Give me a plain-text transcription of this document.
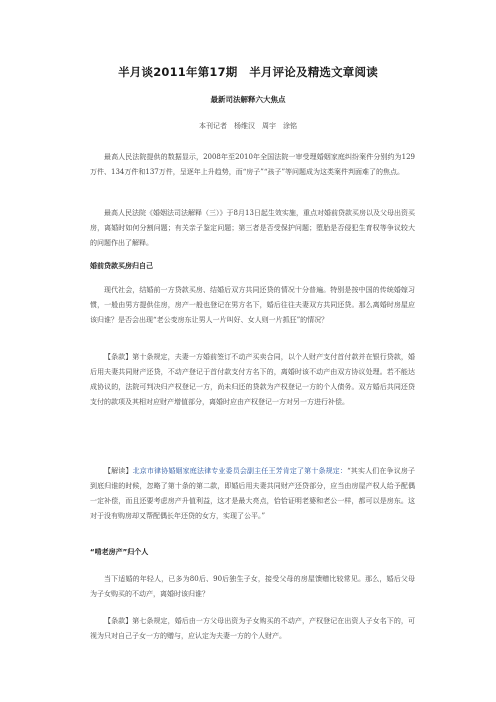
半月谈2011年第17期　半月评论及精选文章阅读
最新司法解释六大焦点

本刊记者　杨维汉　周宇　涂铭

最高人民法院提供的数据显示，2008年至2010年全国法院一审受理婚姻家庭纠纷案件分别约为129万件、134万件和137万件，呈逐年上升趋势，而“房子”“孩子”等问题成为这类案件判面难了的焦点。

最高人民法院《婚姻法司法解释（三）》于8月13日起生效实施，重点对婚前贷款买房以及父母出资买房，离婚时如何分割问题；有关亲子鉴定问题；第三者是否受保护问题；堕胎是否侵犯生育权等争议较大的问题作出了解释。

婚前贷款买房归自己

现代社会，结婚前一方贷款买房、结婚后双方共同还贷的情况十分普遍。特别是按中国的传统婚嫁习惯，一般由男方提供住房，房产一般也登记在男方名下，婚后往往夫妻双方共同还贷。那么离婚时房屋应该归谁？是否会出现“老公变房东让男人一片叫好、女人则一片抓狂”的情况？

【条款】第十条规定，夫妻一方婚前签订不动产买卖合同，以个人财产支付首付款并在银行贷款，婚后用夫妻共同财产还贷，不动产登记于首付款支付方名下的，离婚时该不动产由双方协议处理。若不能达成协议的，法院可判决归产权登记一方，尚未归还的贷款为产权登记一方的个人债务。双方婚后共同还贷支付的款项及其相对应财产增值部分，离婚时应由产权登记一方对另一方进行补偿。

【解读】北京市律协婚姻家庭法律专业委员会副主任王芳肯定了第十条规定：“其实人们在争议房子到底归谁的时候，忽略了第十条的第二款，即婚后用夫妻共同财产还贷部分，应当由房屋产权人给予配偶一定补偿，而且还要考虑房产升值利益，这才是最大亮点，恰恰证明老婆和老公一样，都可以是房东。这对于没有购房却又帮配偶长年还贷的女方，实现了公平。”

“啃老房产”归个人

当下适婚的年轻人，已多为80后、90后独生子女，接受父母的房屋馈赠比较常见。那么，婚后父母为子女购买的不动产，离婚时该归谁？

【条款】第七条规定，婚后由一方父母出资为子女购买的不动产，产权登记在出资人子女名下的，可视为只对自己子女一方的赠与，应认定为夫妻一方的个人财产。
